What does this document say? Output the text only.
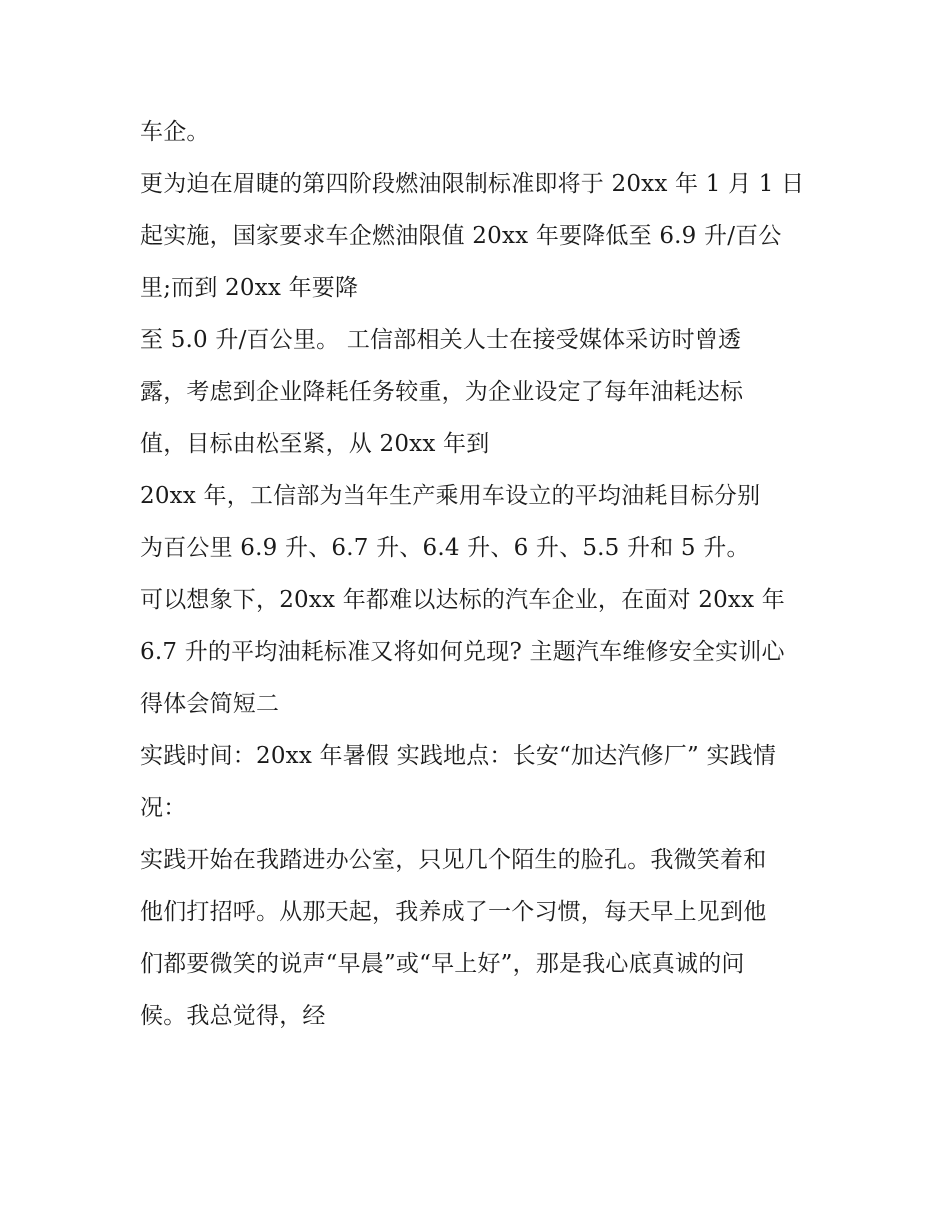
车企。
更为迫在眉睫的第四阶段燃油限制标准即将于 20xx 年 1 月 1 日
起实施，国家要求车企燃油限值 20xx 年要降低至 6.9 升/百公
里;而到 20xx 年要降
至 5.0 升/百公里。 工信部相关人士在接受媒体采访时曾透
露，考虑到企业降耗任务较重，为企业设定了每年油耗达标
值，目标由松至紧，从 20xx 年到
20xx 年，工信部为当年生产乘用车设立的平均油耗目标分别
为百公里 6.9 升、6.7 升、6.4 升、6 升、5.5 升和 5 升。
可以想象下，20xx 年都难以达标的汽车企业，在面对 20xx 年
6.7 升的平均油耗标准又将如何兑现? 主题汽车维修安全实训心
得体会简短二
实践时间：20xx 年暑假 实践地点：长安“加达汽修厂” 实践情
况：
实践开始在我踏进办公室，只见几个陌生的脸孔。我微笑着和
他们打招呼。从那天起，我养成了一个习惯，每天早上见到他
们都要微笑的说声“早晨”或“早上好”，那是我心底真诚的问
候。我总觉得，经
